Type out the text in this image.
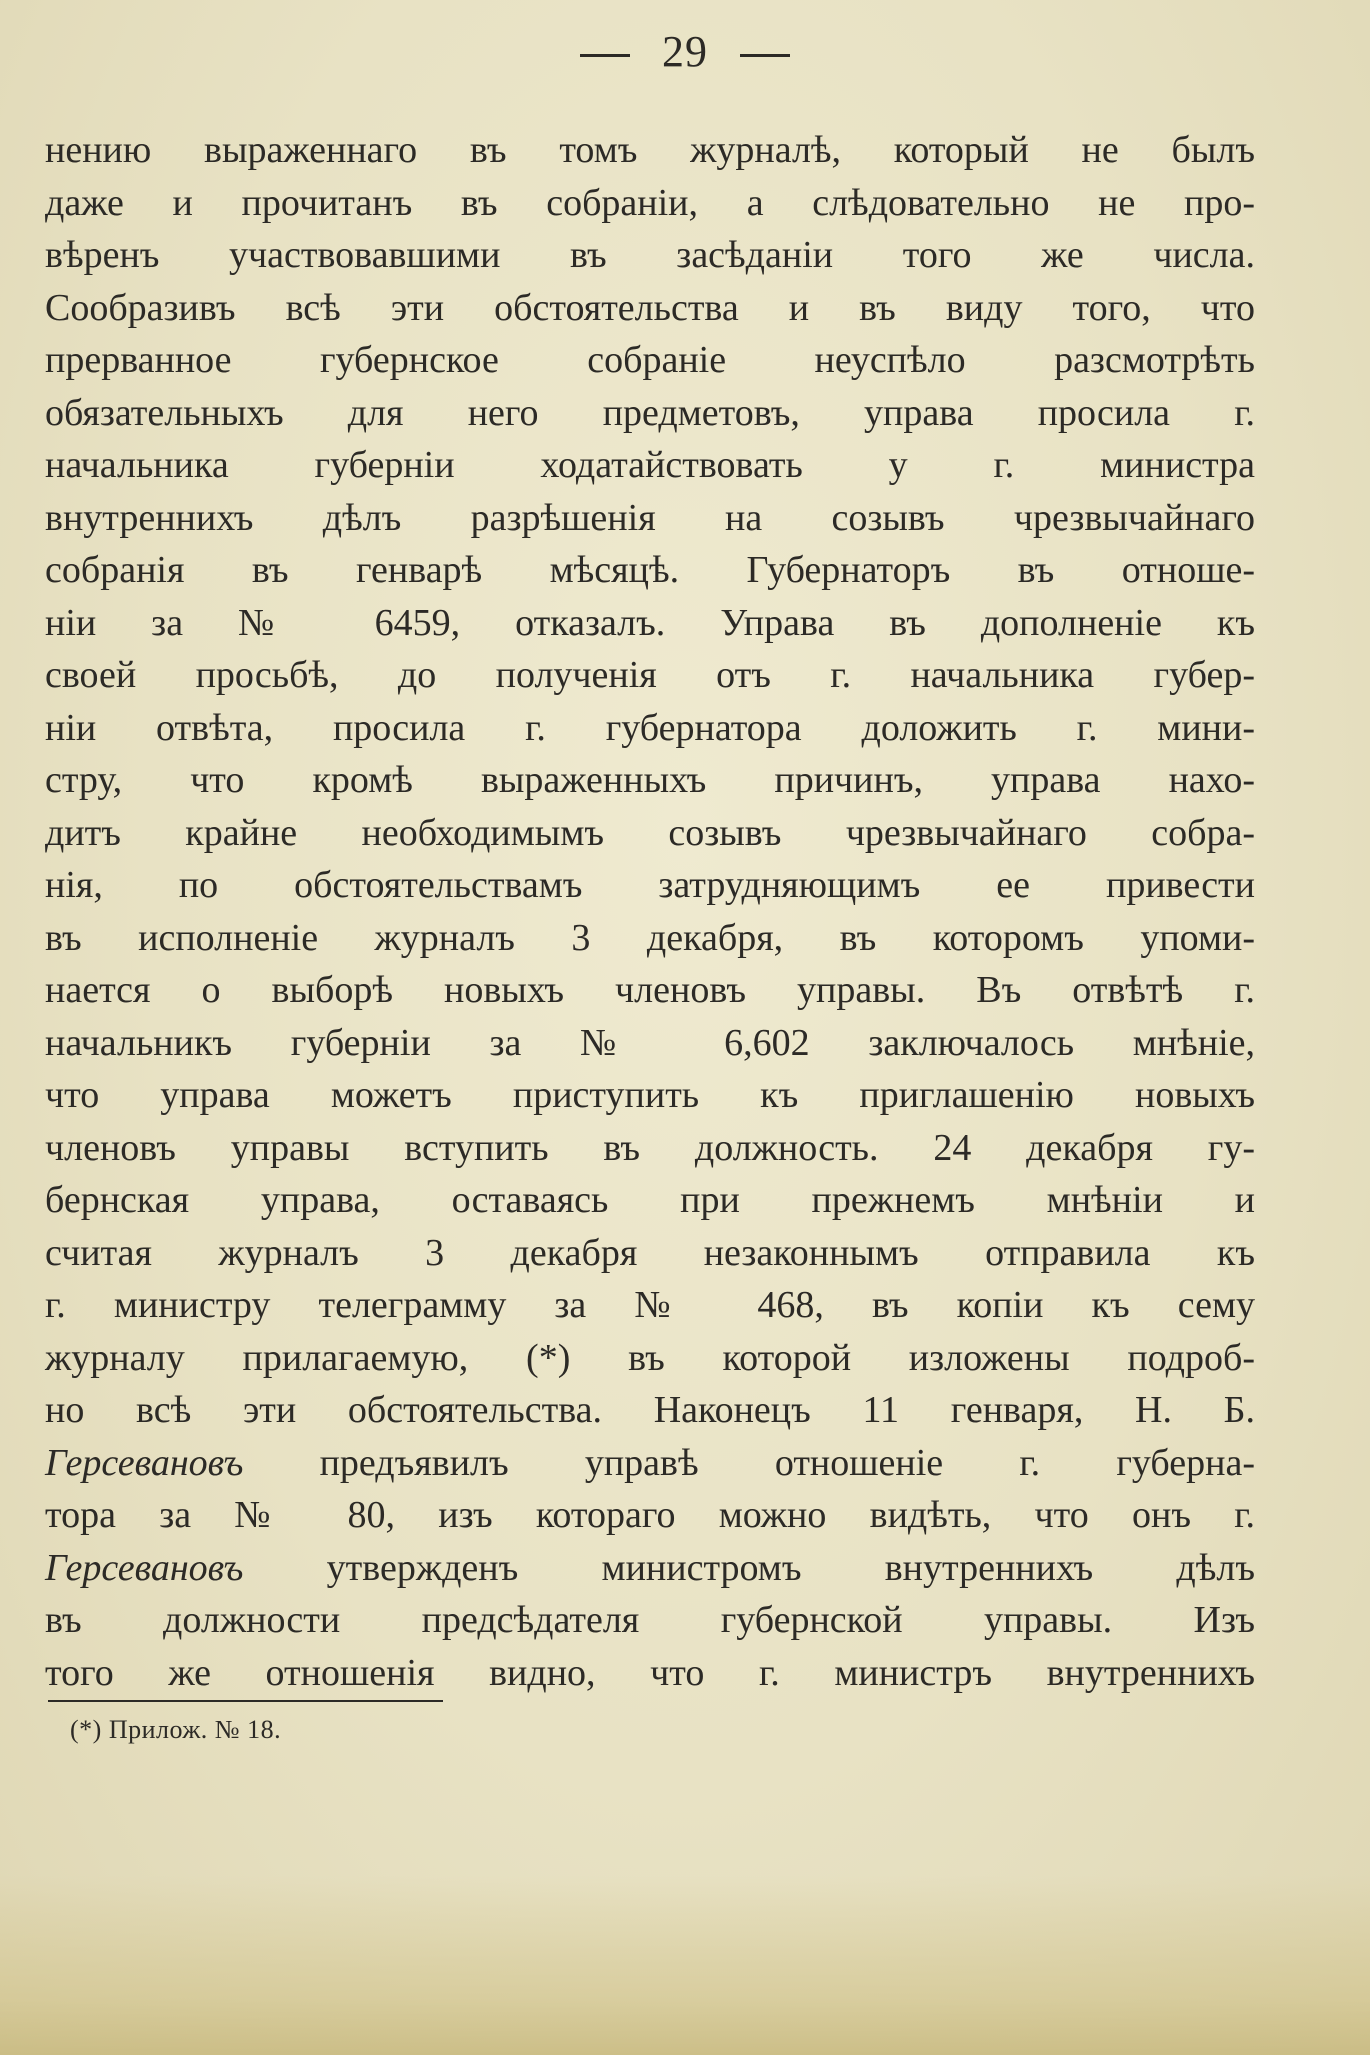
29
нению выраженнаго въ томъ журналѣ, который не былъ
даже и прочитанъ въ собраніи, а слѣдовательно не про-
вѣренъ участвовавшими въ засѣданіи того же числа.
Сообразивъ всѣ эти обстоятельства и въ виду того, что
прерванное губернское собраніе неуспѣло разсмотрѣть
обязательныхъ для него предметовъ, управа просила г.
начальника губерніи ходатайствовать у г. министра
внутреннихъ дѣлъ разрѣшенія на созывъ чрезвычайнаго
собранія въ генварѣ мѣсяцѣ. Губернаторъ въ отноше-
ніи за № 6459, отказалъ. Управа въ дополненіе къ
своей просьбѣ, до полученія отъ г. начальника губер-
ніи отвѣта, просила г. губернатора доложить г. мини-
стру, что кромѣ выраженныхъ причинъ, управа нахо-
дитъ крайне необходимымъ созывъ чрезвычайнаго собра-
нія, по обстоятельствамъ затрудняющимъ ее привести
въ исполненіе журналъ 3 декабря, въ которомъ упоми-
нается о выборѣ новыхъ членовъ управы. Въ отвѣтѣ г.
начальникъ губерніи за № 6,602 заключалось мнѣніе,
что управа можетъ приступить къ приглашенію новыхъ
членовъ управы вступить въ должность. 24 декабря гу-
бернская управа, оставаясь при прежнемъ мнѣніи и
считая журналъ 3 декабря незаконнымъ отправила къ
г. министру телеграмму за № 468, въ копіи къ сему
журналу прилагаемую, (*) въ которой изложены подроб-
но всѣ эти обстоятельства. Наконецъ 11 генваря, Н. Б.
Герсевановъ предъявилъ управѣ отношеніе г. губерна-
тора за № 80, изъ котораго можно видѣть, что онъ г.
Герсевановъ утвержденъ министромъ внутреннихъ дѣлъ
въ должности предсѣдателя губернской управы. Изъ
того же отношенія видно, что г. министръ внутреннихъ
(*) Прилож. № 18.
